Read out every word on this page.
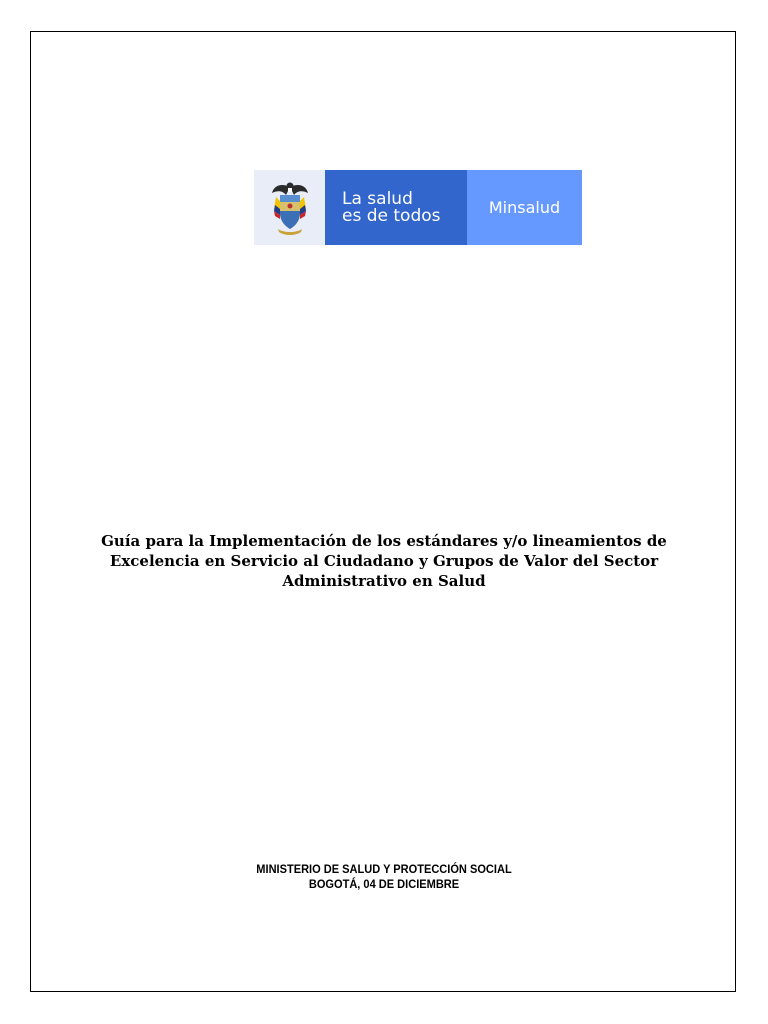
La salud
es de todos	Minsalud
Guía para la Implementación de los estándares y/o lineamientos de
Excelencia en Servicio al Ciudadano y Grupos de Valor del Sector
Administrativo en Salud
MINISTERIO DE SALUD Y PROTECCIÓN SOCIAL
BOGOTÁ, 04 DE DICIEMBRE
